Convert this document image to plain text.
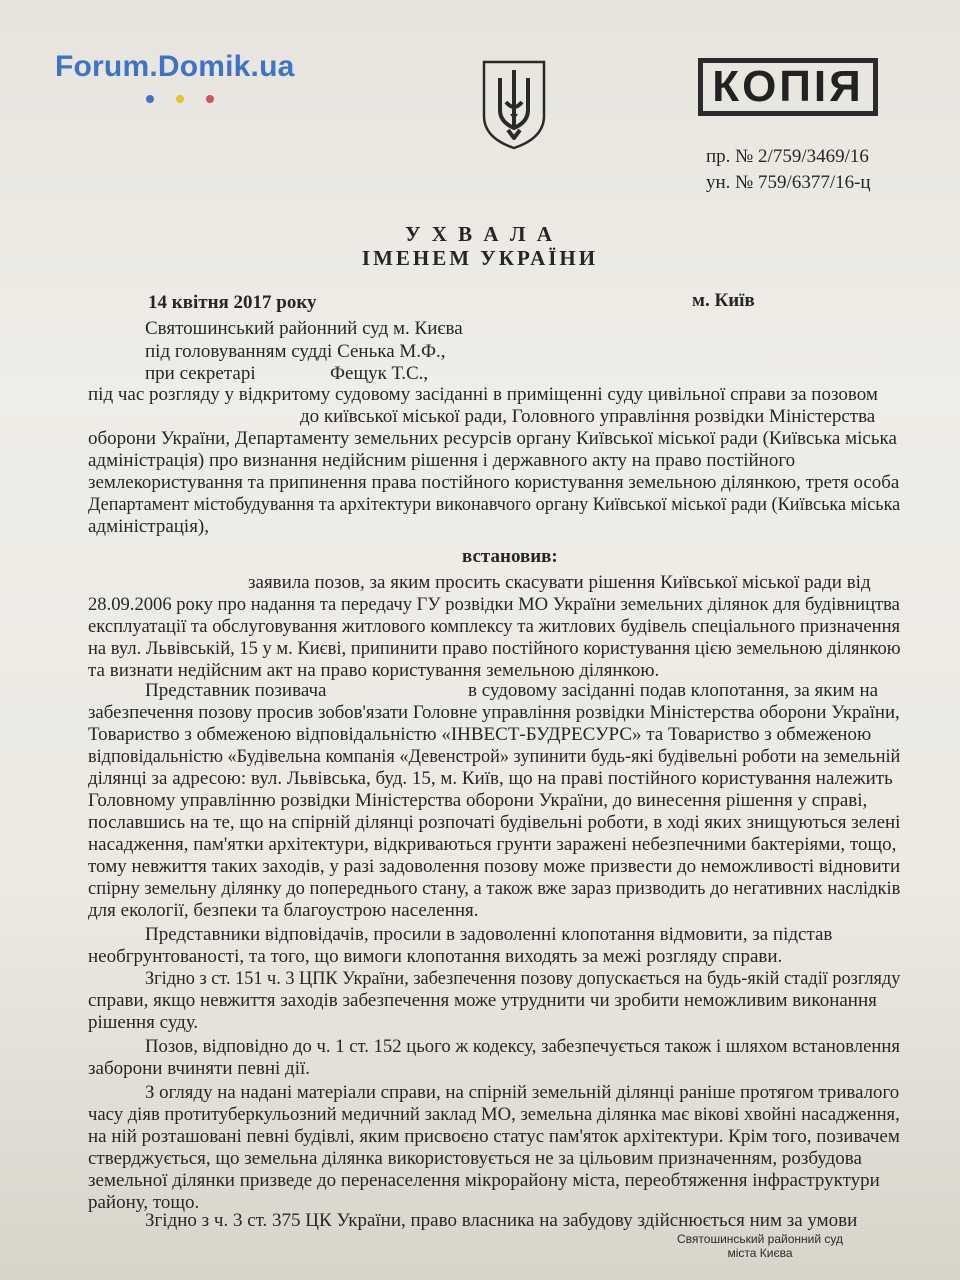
Forum.Domik.ua	КОПІЯ
пр. № 2/759/3469/16
ун. № 759/6377/16-ц
У Х В А Л А
ІМЕНЕМ УКРАЇНИ
14 квітня 2017 року	м. Київ
Святошинський районний суд м. Києва
під головуванням судді Сенька М.Ф.,
при секретарі	Фещук Т.С.,
під час розгляду у відкритому судовому засіданні в приміщенні суду цивільної справи за позовом
до київської міської ради, Головного управління розвідки Міністерства
оборони України, Департаменту земельних ресурсів органу Київської міської ради (Київська міська
адміністрація) про визнання недійсним рішення і державного акту на право постійного
землекористування та припинення права постійного користування земельною ділянкою, третя особа
Департамент містобудування та архітектури виконавчого органу Київської міської ради (Київська міська
адміністрація),
встановив:
заявила позов, за яким просить скасувати рішення Київської міської ради від
28.09.2006 року про надання та передачу ГУ розвідки МО України земельних ділянок для будівництва
експлуатації та обслуговування житлового комплексу та житлових будівель спеціального призначення
на вул. Львівській, 15 у м. Києві, припинити право постійного користування цією земельною ділянкою
та визнати недійсним акт на право користування земельною ділянкою.
Представник позивача	в судовому засіданні подав клопотання, за яким на
забезпечення позову просив зобов'язати Головне управління розвідки Міністерства оборони України,
Товариство з обмеженою відповідальністю «ІНВЕСТ-БУДРЕСУРС» та Товариство з обмеженою
відповідальністю «Будівельна компанія «Девенстрой» зупинити будь-які будівельні роботи на земельній
ділянці за адресою: вул. Львівська, буд. 15, м. Київ, що на праві постійного користування належить
Головному управлінню розвідки Міністерства оборони України, до винесення рішення у справі,
пославшись на те, що на спірній ділянці розпочаті будівельні роботи, в ході яких знищуються зелені
насадження, пам'ятки архітектури, відкриваються грунти заражені небезпечними бактеріями, тощо,
тому невжиття таких заходів, у разі задоволення позову може призвести до неможливості відновити
спірну земельну ділянку до попереднього стану, а також вже зараз призводить до негативних наслідків
для екології, безпеки та благоустрою населення.
Представники відповідачів, просили в задоволенні клопотання відмовити, за підстав
необгрунтованості, та того, що вимоги клопотання виходять за межі розгляду справи.
Згідно з ст. 151 ч. 3 ЦПК України, забезпечення позову допускається на будь-якій стадії розгляду
справи, якщо невжиття заходів забезпечення може утруднити чи зробити неможливим виконання
рішення суду.
Позов, відповідно до ч. 1 ст. 152 цього ж кодексу, забезпечується також і шляхом встановлення
заборони вчиняти певні дії.
З огляду на надані матеріали справи, на спірній земельній ділянці раніше протягом тривалого
часу діяв протитуберкульозний медичний заклад МО, земельна ділянка має вікові хвойні насадження,
на ній розташовані певні будівлі, яким присвоєно статус пам'яток архітектури. Крім того, позивачем
стверджується, що земельна ділянка використовується не за цільовим призначенням, розбудова
земельної ділянки призведе до перенаселення мікрорайону міста, переобтяження інфраструктури
району, тощо.
Згідно з ч. 3 ст. 375 ЦК України, право власника на забудову здійснюється ним за умови
Святошинський районний суд
міста Києва
